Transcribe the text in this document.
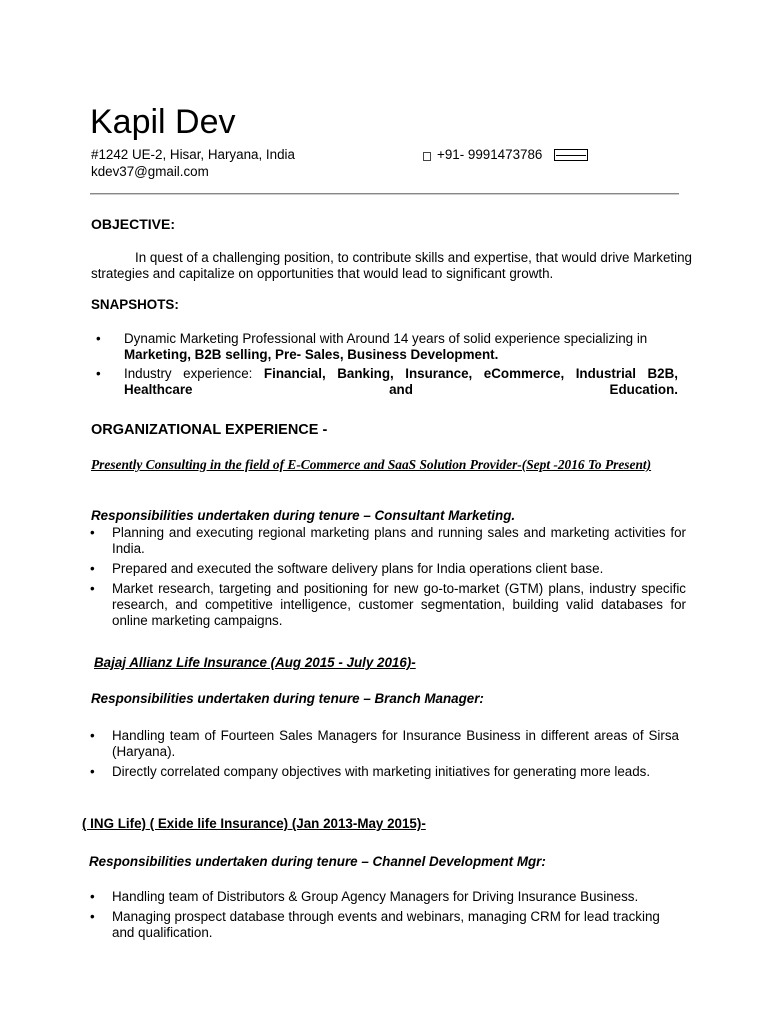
Kapil Dev
#1242 UE-2, Hisar, Haryana, India
kdev37@gmail.com
+91- 9991473786
OBJECTIVE:
In quest of a challenging position, to contribute skills and expertise, that would drive Marketing strategies and capitalize on opportunities that would lead to significant growth.
SNAPSHOTS:
• Dynamic Marketing Professional with Around 14 years of solid experience specializing in
Marketing, B2B selling, Pre- Sales, Business Development.
• Industry experience: Financial, Banking, Insurance, eCommerce, Industrial B2B, Healthcare and Education.
ORGANIZATIONAL EXPERIENCE -
Presently Consulting in the field of E-Commerce and SaaS Solution Provider-(Sept -2016 To Present)
Responsibilities undertaken during tenure – Consultant Marketing.
• Planning and executing regional marketing plans and running sales and marketing activities for India.
• Prepared and executed the software delivery plans for India operations client base.
• Market research, targeting and positioning for new go-to-market (GTM) plans, industry specific research, and competitive intelligence, customer segmentation, building valid databases for online marketing campaigns.
Bajaj Allianz Life Insurance (Aug 2015 - July 2016)-
Responsibilities undertaken during tenure – Branch Manager:
• Handling team of Fourteen Sales Managers for Insurance Business in different areas of Sirsa (Haryana).
• Directly correlated company objectives with marketing initiatives for generating more leads.
( ING Life) ( Exide life Insurance) (Jan 2013-May 2015)-
Responsibilities undertaken during tenure – Channel Development Mgr:
• Handling team of Distributors & Group Agency Managers for Driving Insurance Business.
• Managing prospect database through events and webinars, managing CRM for lead tracking and qualification.
